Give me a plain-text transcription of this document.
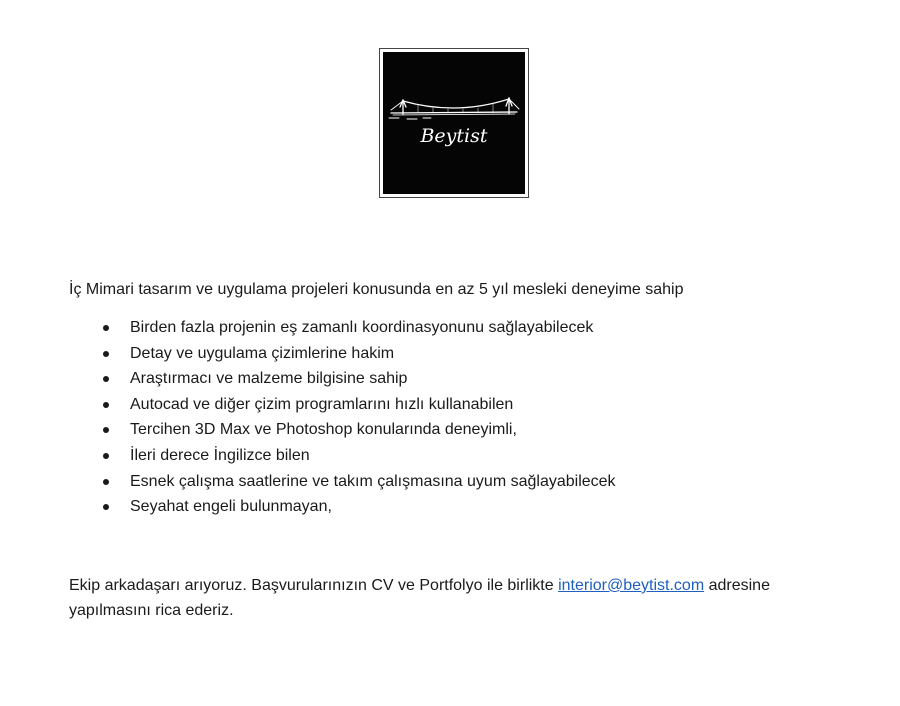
Beytist

İç Mimari tasarım ve uygulama projeleri konusunda en az 5 yıl mesleki deneyime sahip

Birden fazla projenin eş zamanlı koordinasyonunu sağlayabilecek
Detay ve uygulama çizimlerine hakim
Araştırmacı ve malzeme bilgisine sahip
Autocad ve diğer çizim programlarını hızlı kullanabilen
Tercihen 3D Max ve Photoshop konularında deneyimli,
İleri derece İngilizce bilen
Esnek çalışma saatlerine ve takım çalışmasına uyum sağlayabilecek
Seyahat engeli bulunmayan,

Ekip arkadaşarı arıyoruz. Başvurularınızın CV ve Portfolyo ile birlikte interior@beytist.com adresine yapılmasını rica ederiz.
